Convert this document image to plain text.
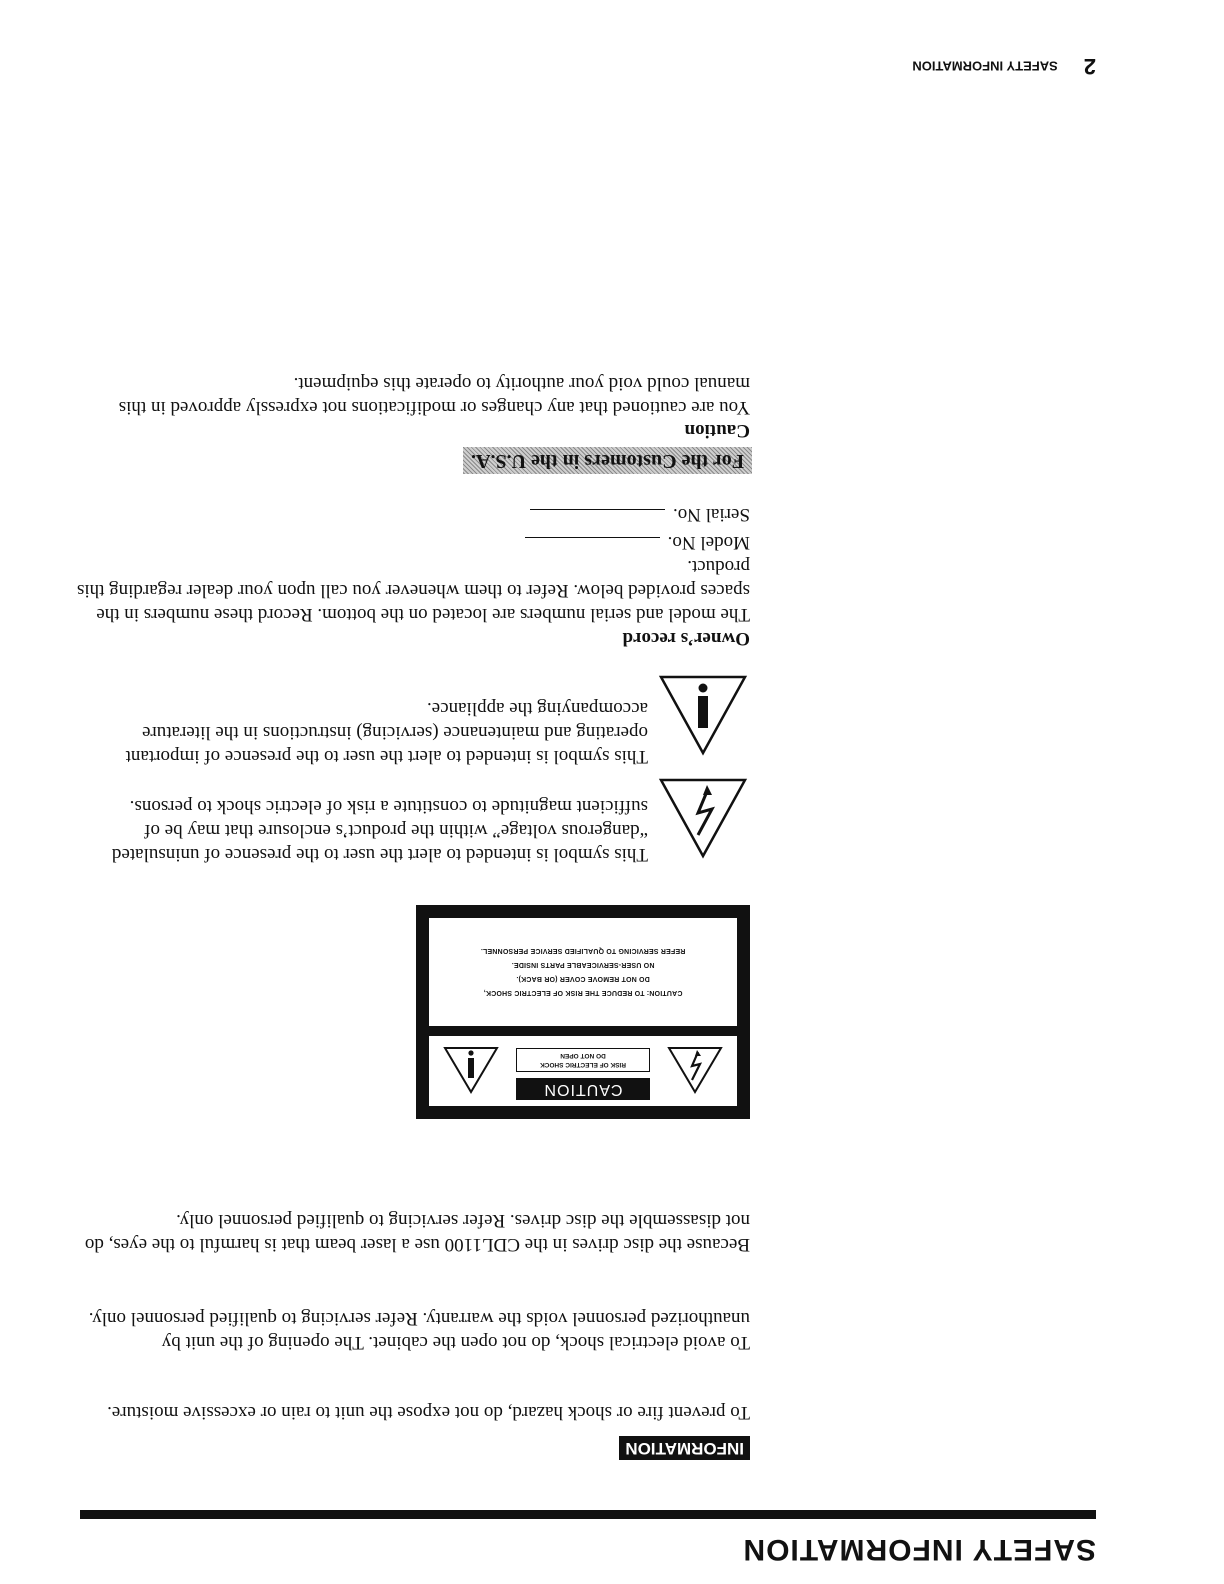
SAFETY INFORMATION
INFORMATION
To prevent fire or shock hazard, do not expose the unit to rain or excessive moisture.
To avoid electrical shock, do not open the cabinet. The opening of the unit by unauthorized personnel voids the warranty. Refer servicing to qualified personnel only.
Because the disc drives in the CDL1100 use a laser beam that is harmful to the eyes, do not disassemble the disc drives. Refer servicing to qualified personnel only.
CAUTION
RISK OF ELECTRIC SHOCK
DO NOT OPEN
CAUTION: TO REDUCE THE RISK OF ELECTRIC SHOCK,
DO NOT REMOVE COVER (OR BACK).
NO USER-SERVICEABLE PARTS INSIDE.
REFER SERVICING TO QUALIFIED SERVICE PERSONNEL.
This symbol is intended to alert the user to the presence of uninsulated “dangerous voltage” within the product’s enclosure that may be of sufficient magnitude to constitute a risk of electric shock to persons.
This symbol is intended to alert the user to the presence of important operating and maintenance (servicing) instructions in the literature accompanying the appliance.
Owner’s record
The model and serial numbers are located on the bottom. Record these numbers in the spaces provided below. Refer to them whenever you call upon your dealer regarding this product.
Model No.
Serial No.
For the Customers in the U.S.A.
Caution
You are cautioned that any changes or modifications not expressly approved in this manual could void your authority to operate this equipment.
2SAFETY INFORMATION
